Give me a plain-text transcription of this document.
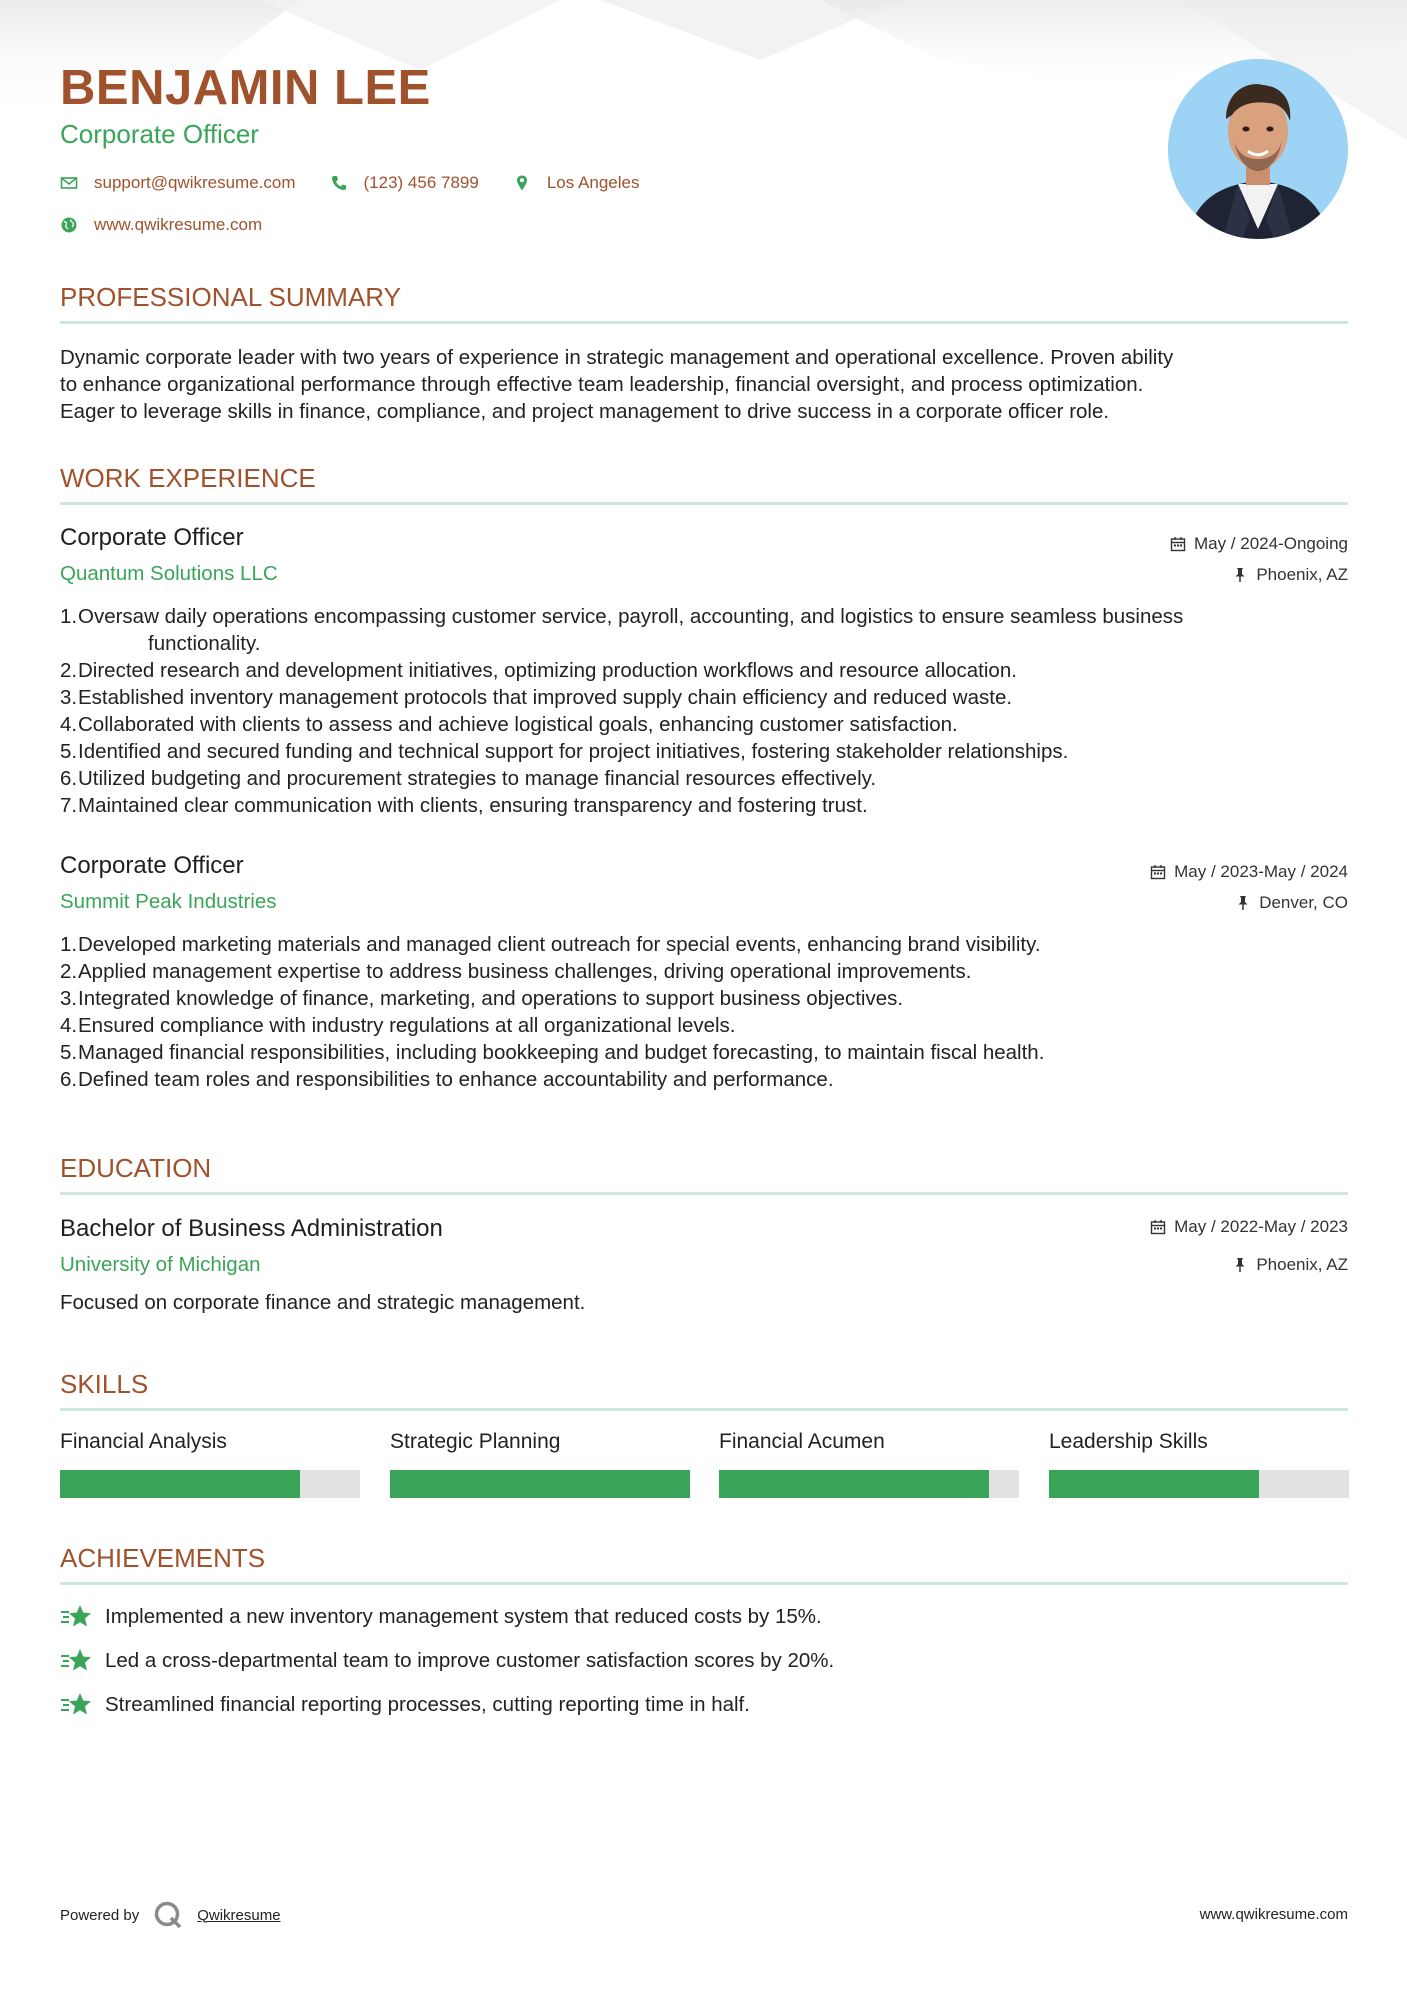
BENJAMIN LEE
Corporate Officer
support@qwikresume.com	(123) 456 7899	Los Angeles
www.qwikresume.com
PROFESSIONAL SUMMARY
Dynamic corporate leader with two years of experience in strategic management and operational excellence. Proven ability
to enhance organizational performance through effective team leadership, financial oversight, and process optimization.
Eager to leverage skills in finance, compliance, and project management to drive success in a corporate officer role.
WORK EXPERIENCE
Corporate Officer	May / 2024-Ongoing
Quantum Solutions LLC	Phoenix, AZ
1. Oversaw daily operations encompassing customer service, payroll, accounting, and logistics to ensure seamless business
functionality.
2. Directed research and development initiatives, optimizing production workflows and resource allocation.
3. Established inventory management protocols that improved supply chain efficiency and reduced waste.
4. Collaborated with clients to assess and achieve logistical goals, enhancing customer satisfaction.
5. Identified and secured funding and technical support for project initiatives, fostering stakeholder relationships.
6. Utilized budgeting and procurement strategies to manage financial resources effectively.
7. Maintained clear communication with clients, ensuring transparency and fostering trust.
Corporate Officer	May / 2023-May / 2024
Summit Peak Industries	Denver, CO
1. Developed marketing materials and managed client outreach for special events, enhancing brand visibility.
2. Applied management expertise to address business challenges, driving operational improvements.
3. Integrated knowledge of finance, marketing, and operations to support business objectives.
4. Ensured compliance with industry regulations at all organizational levels.
5. Managed financial responsibilities, including bookkeeping and budget forecasting, to maintain fiscal health.
6. Defined team roles and responsibilities to enhance accountability and performance.
EDUCATION
Bachelor of Business Administration	May / 2022-May / 2023
University of Michigan	Phoenix, AZ
Focused on corporate finance and strategic management.
SKILLS
Financial Analysis	Strategic Planning	Financial Acumen	Leadership Skills
ACHIEVEMENTS
Implemented a new inventory management system that reduced costs by 15%.
Led a cross-departmental team to improve customer satisfaction scores by 20%.
Streamlined financial reporting processes, cutting reporting time in half.
Powered by	Qwikresume	www.qwikresume.com
